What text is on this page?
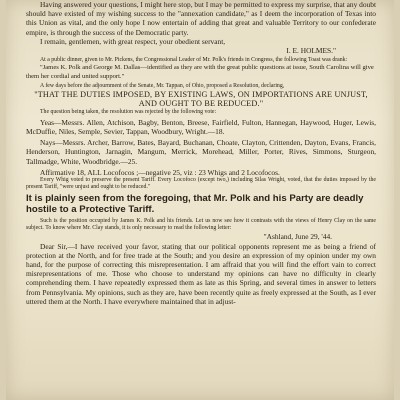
Having answered your questions, I might here stop, but I may be permitted to express my surprise, that any doubt should have existed of my wishing success to the "annexation candidate," as I deem the incorporation of Texas into this Union as vital, and the only hope I now entertain of adding that great and valuable Territory to our confederate empire, is through the success of the Democratic party.

I remain, gentlemen, with great respect, your obedient servant,

I. E. HOLMES."

At a public dinner, given to Mr. Pickens, the Congressional Leader of Mr. Polk's friends in Congress, the following Toast was drank:

"James K. Polk and George M. Dallas—identified as they are with the great public questions at issue, South Carolina will give them her cordial and united support."

A few days before the adjournment of the Senate, Mr. Tappan, of Ohio, proposed a Resolution, declaring,

"THAT THE DUTIES IMPOSED, BY EXISTING LAWS, ON IMPORTATIONS ARE UNJUST, AND OUGHT TO BE REDUCED."

The question being taken, the resolution was rejected by the following vote:

Yeas—Messrs. Allen, Atchison, Bagby, Benton, Breese, Fairfield, Fulton, Hannegan, Haywood, Huger, Lewis, McDuffie, Niles, Semple, Sevier, Tappan, Woodbury, Wright.—18.

Nays—Messrs. Archer, Barrow, Bates, Bayard, Buchanan, Choate, Clayton, Crittenden, Dayton, Evans, Francis, Henderson, Huntington, Jarnagin, Mangum, Merrick, Morehead, Miller, Porter, Rives, Simmons, Sturgeon, Tallmadge, White, Woodbridge.—25.

Affirmative 18, ALL Locofocos ;—negative 25, viz : 23 Whigs and 2 Locofocos.

Every Whig voted to preserve the present Tariff. Every Locofoco (except two,) including Silas Wright, voted, that the duties imposed by the present Tariff, "were unjust and ought to be reduced."

It is plainly seen from the foregoing, that Mr. Polk and his Party are deadly hostile to a Protective Tariff.

Such is the position occupied by James K. Polk and his friends. Let us now see how it contrasts with the views of Henry Clay on the same subject. To know where Mr. Clay stands, it is only necessary to read the following letter:

"Ashland, June 29, '44.

Dear Sir,—I have received your favor, stating that our political opponents represent me as being a friend of protection at the North, and for free trade at the South; and you desire an expression of my opinion under my own hand, for the purpose of correcting this misrepresentation. I am affraid that you will find the effort vain to correct misrepresentations of me. Those who choose to understand my opinions can have no difficulty in clearly comprehending them. I have repeatedly expressed them as late as this Spring, and several times in answer to letters from Pennsylvania. My opinions, such as they are, have been recently quite as freely expressed at the South, as I ever uttered them at the North. I have everywhere maintained that in adjust-
